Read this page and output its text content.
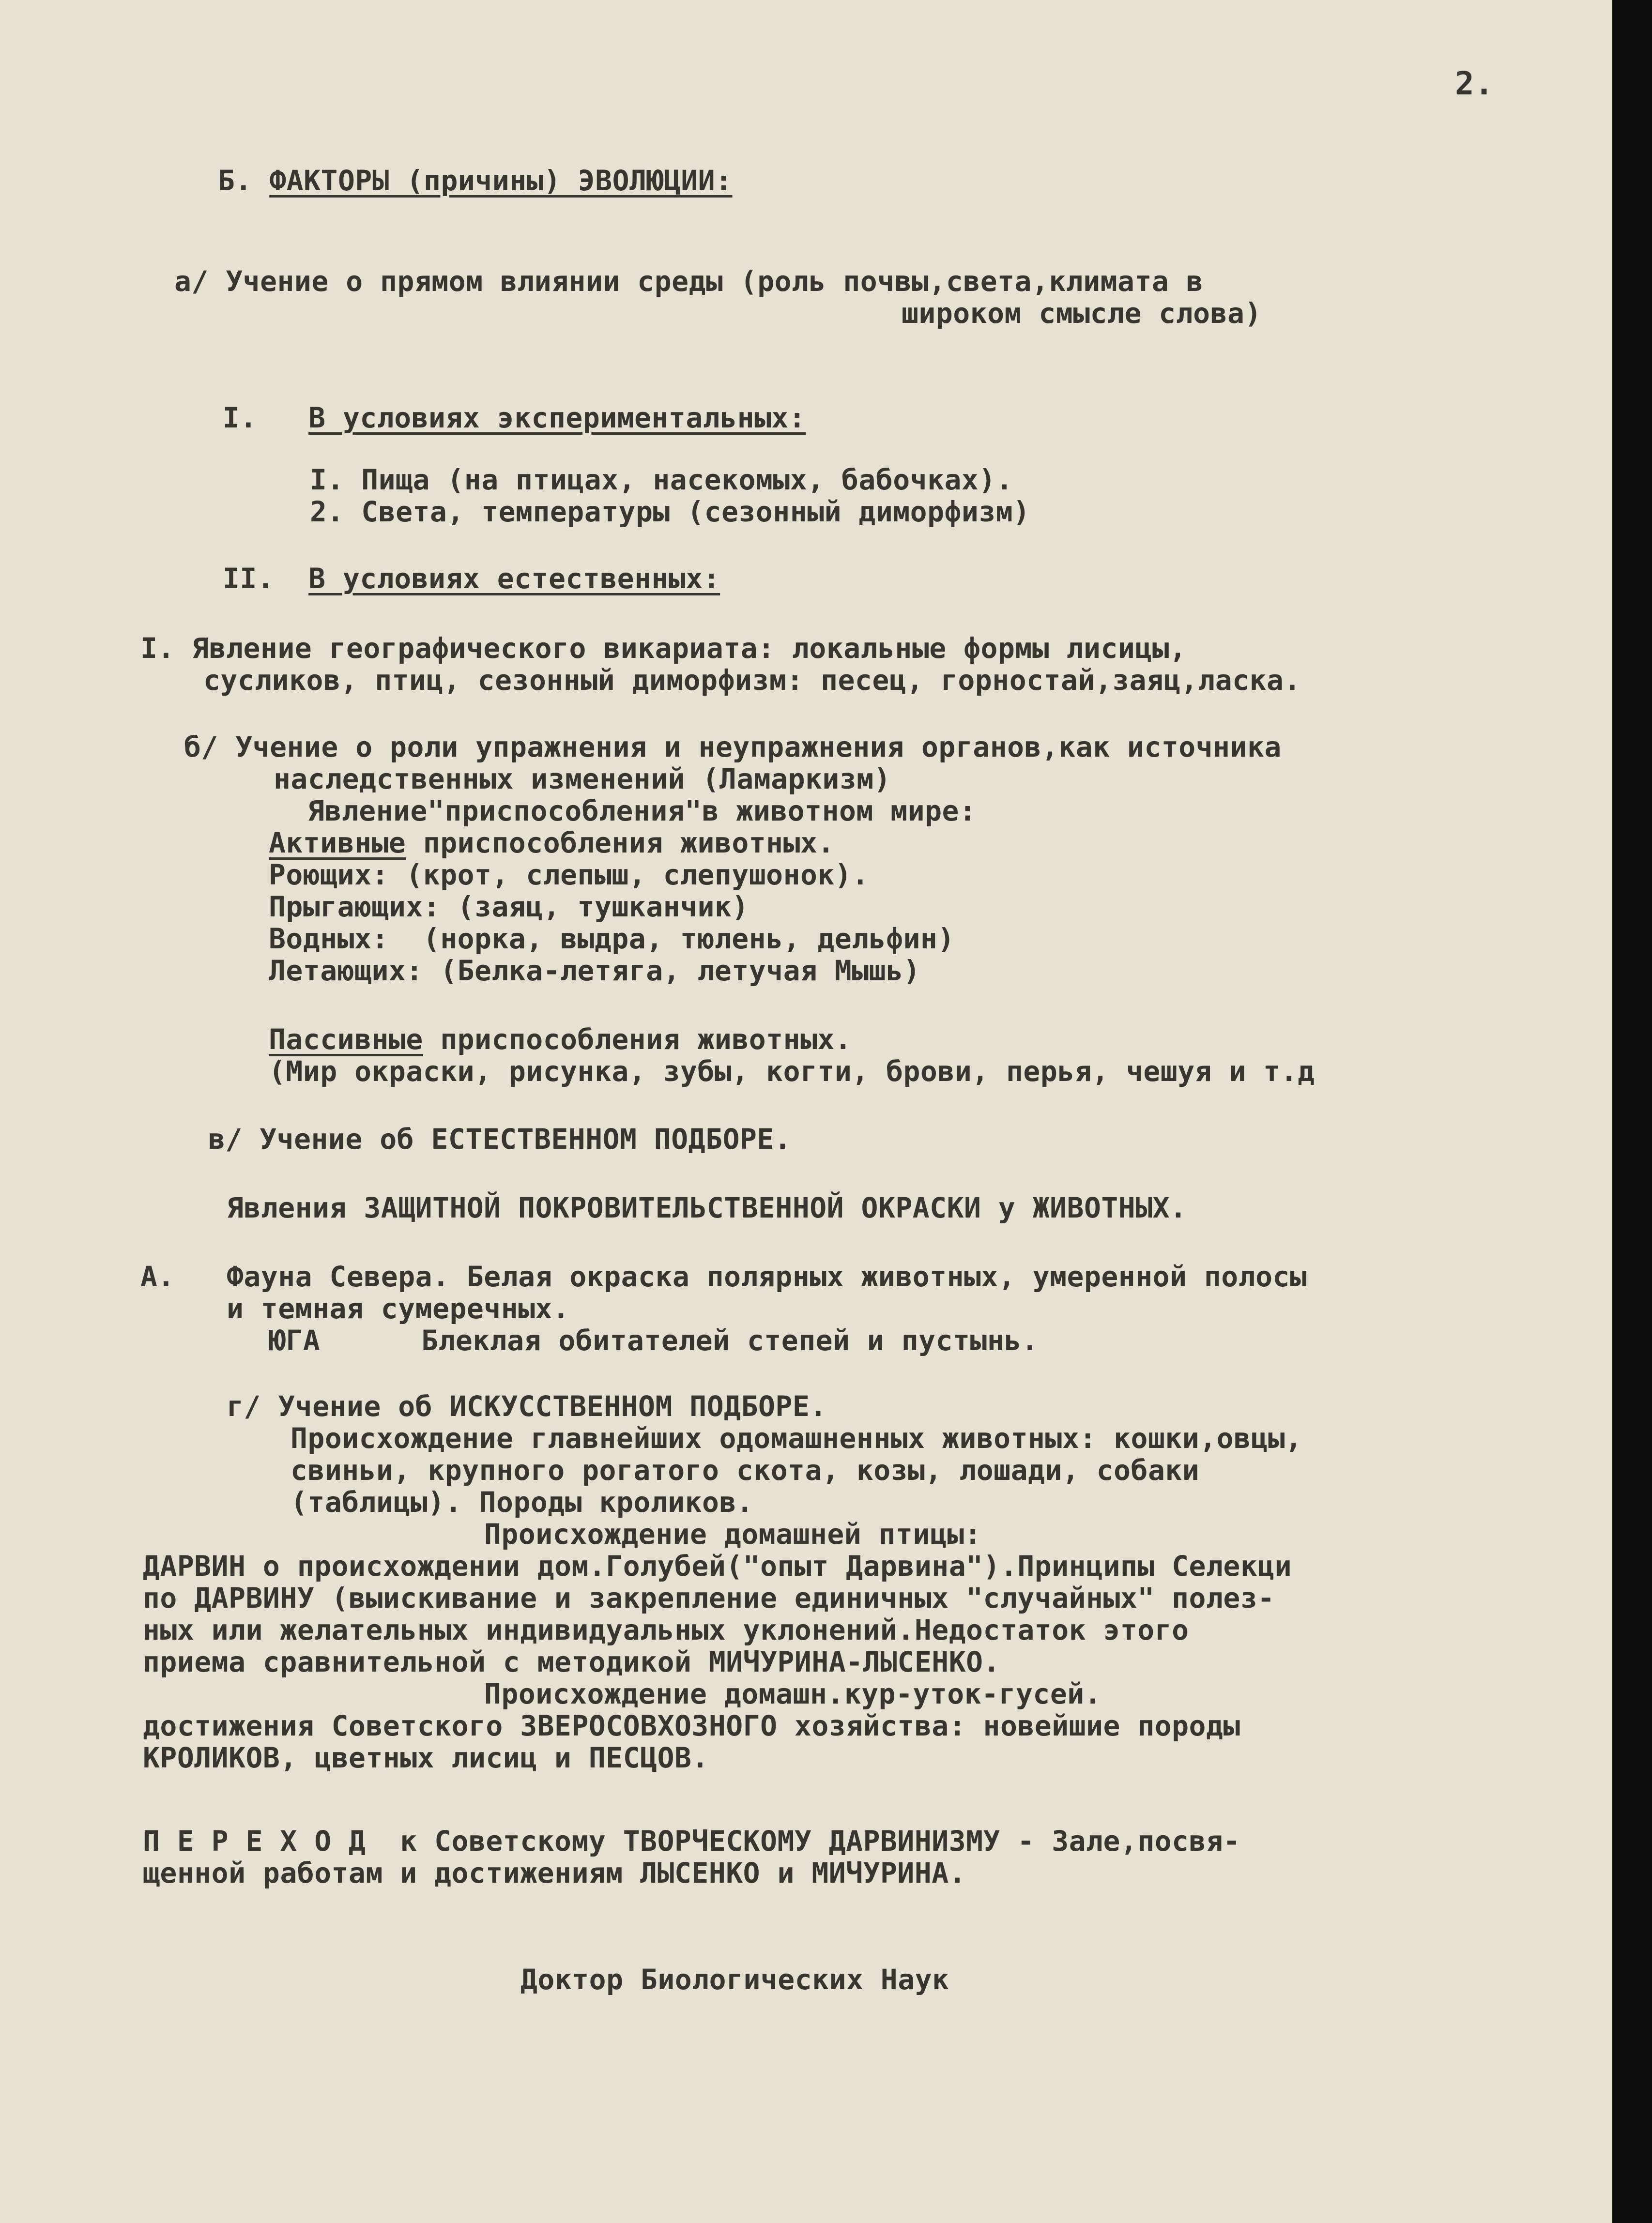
2.
Б. ФАКТОРЫ (причины) ЭВОЛЮЦИИ:
а/ Учение о прямом влиянии среды (роль почвы,света,климата в
широком смысле слова)
I. В условиях экспериментальных:
I. Пища (на птицах, насекомых, бабочках).
2. Света, температуры (сезонный диморфизм)
II. В условиях естественных:
I. Явление географического викариата: локальные формы лисицы,
сусликов, птиц, сезонный диморфизм: песец, горностай,заяц,ласка.
б/ Учение о роли упражнения и неупражнения органов,как источника
наследственных изменений (Ламаркизм)
Явление"приспособления"в животном мире:
Активные приспособления животных.
Роющих: (крот, слепыш, слепушонок).
Прыгающих: (заяц, тушканчик)
Водных:  (норка, выдра, тюлень, дельфин)
Летающих: (Белка-летяга, летучая Мышь)
Пассивные приспособления животных.
(Мир окраски, рисунка, зубы, когти, брови, перья, чешуя и т.д
в/ Учение об ЕСТЕСТВЕННОМ ПОДБОРЕ.
Явления ЗАЩИТНОЙ ПОКРОВИТЕЛЬСТВЕННОЙ ОКРАСКИ у ЖИВОТНЫХ.
А. Фауна Севера. Белая окраска полярных животных, умеренной полосы
и темная сумеречных.
ЮГА	Блеклая обитателей степей и пустынь.
г/ Учение об ИСКУССТВЕННОМ ПОДБОРЕ.
Происхождение главнейших одомашненных животных: кошки,овцы,
свиньи, крупного рогатого скота, козы, лошади, собаки
(таблицы). Породы кроликов.
Происхождение домашней птицы:
ДАРВИН о происхождении дом.Голубей("опыт Дарвина").Принципы Селекци
по ДАРВИНУ (выискивание и закрепление единичных "случайных" полез-
ных или желательных индивидуальных уклонений.Недостаток этого
приема сравнительной с методикой МИЧУРИНА-ЛЫСЕНКО.
Происхождение домашн.кур-уток-гусей.
достижения Советского ЗВЕРОСОВХОЗНОГО хозяйства: новейшие породы
КРОЛИКОВ, цветных лисиц и ПЕСЦОВ.
П Е Р Е Х О Д  к Советскому ТВОРЧЕСКОМУ ДАРВИНИЗМУ - Зале,посвя-
щенной работам и достижениям ЛЫСЕНКО и МИЧУРИНА.
Доктор Биологических Наук
